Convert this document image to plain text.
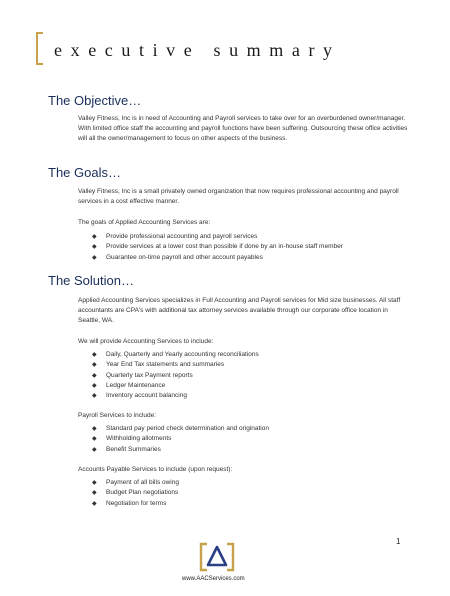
executive summary
The Objective…

Valley Fitness, Inc is in need of Accounting and Payroll services to take over for an overburdened owner/manager. With limited office staff the accounting and payroll functions have been suffering. Outsourcing these office activities will all the owner/management to focus on other aspects of the business.

The Goals…

Valley Fitness, Inc is a small privately owned organization that now requires professional accounting and payroll services in a cost effective manner.

The goals of Applied Accounting Services are:

◆ Provide professional accounting and payroll services
◆ Provide services at a lower cost than possible if done by an in-house staff member
◆ Guarantee on-time payroll and other account payables
The Solution…

Applied Accounting Services specializes in Full Accounting and Payroll services for Mid size businesses. All staff accountants are CPA's with additional tax attorney services available through our corporate office location in Seattle, WA.

We will provide Accounting Services to include:

◆ Daily, Quarterly and Yearly accounting reconciliations
◆ Year End Tax statements and summaries
◆ Quarterly tax Payment reports
◆ Ledger Maintenance
◆ Inventory account balancing

Payroll Services to include:

◆ Standard pay period check determination and origination
◆ Withholding allotments
◆ Benefit Summaries

Accounts Payable Services to include (upon request):

◆ Payment of all bills owing
◆ Budget Plan negotiations
◆ Negotiation for terms
1
www.AACServices.com
